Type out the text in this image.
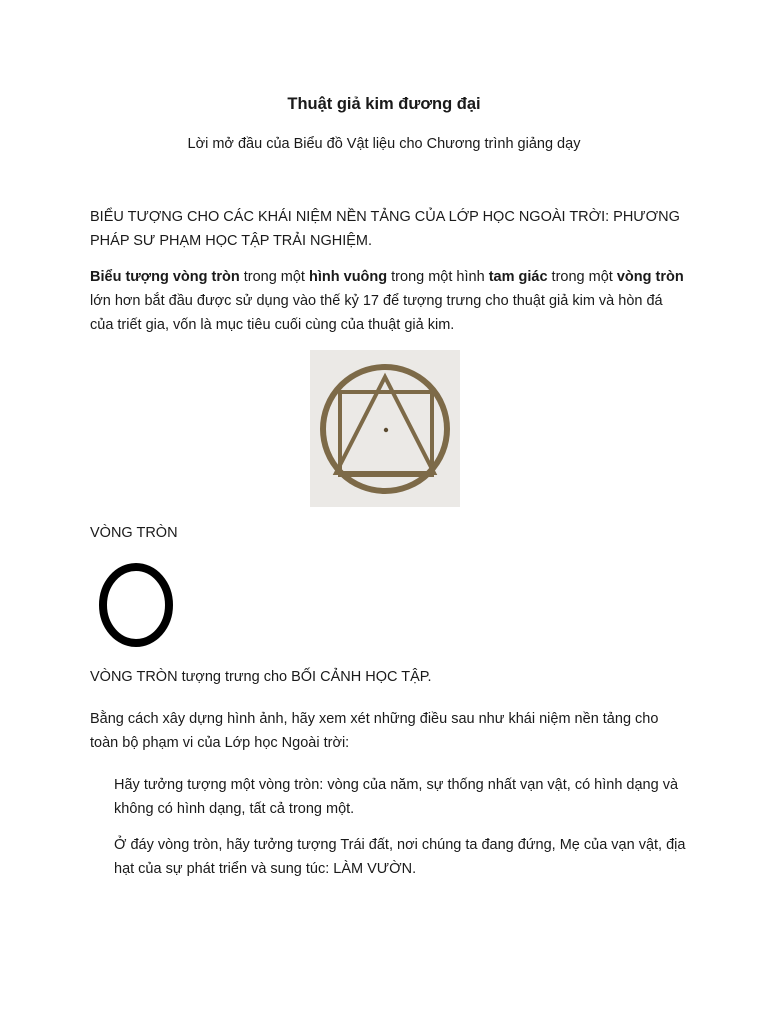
Thuật giả kim đương đại
Lời mở đầu của Biểu đồ Vật liệu cho Chương trình giảng dạy
BIỂU TƯỢNG CHO CÁC KHÁI NIỆM NỀN TẢNG CỦA LỚP HỌC NGOÀI TRỜI: PHƯƠNG PHÁP SƯ PHẠM HỌC TẬP TRẢI NGHIỆM.
Biểu tượng vòng tròn trong một hình vuông trong một hình tam giác trong một vòng tròn lớn hơn bắt đầu được sử dụng vào thế kỷ 17 để tượng trưng cho thuật giả kim và hòn đá của triết gia, vốn là mục tiêu cuối cùng của thuật giả kim.
VÒNG TRÒN
VÒNG TRÒN tượng trưng cho BỐI CẢNH HỌC TẬP.
Bằng cách xây dựng hình ảnh, hãy xem xét những điều sau như khái niệm nền tảng cho toàn bộ phạm vi của Lớp học Ngoài trời:
Hãy tưởng tượng một vòng tròn: vòng của năm, sự thống nhất vạn vật, có hình dạng và không có hình dạng, tất cả trong một.
Ở đáy vòng tròn, hãy tưởng tượng Trái đất, nơi chúng ta đang đứng, Mẹ của vạn vật, địa hạt của sự phát triển và sung túc: LÀM VƯỜN.
